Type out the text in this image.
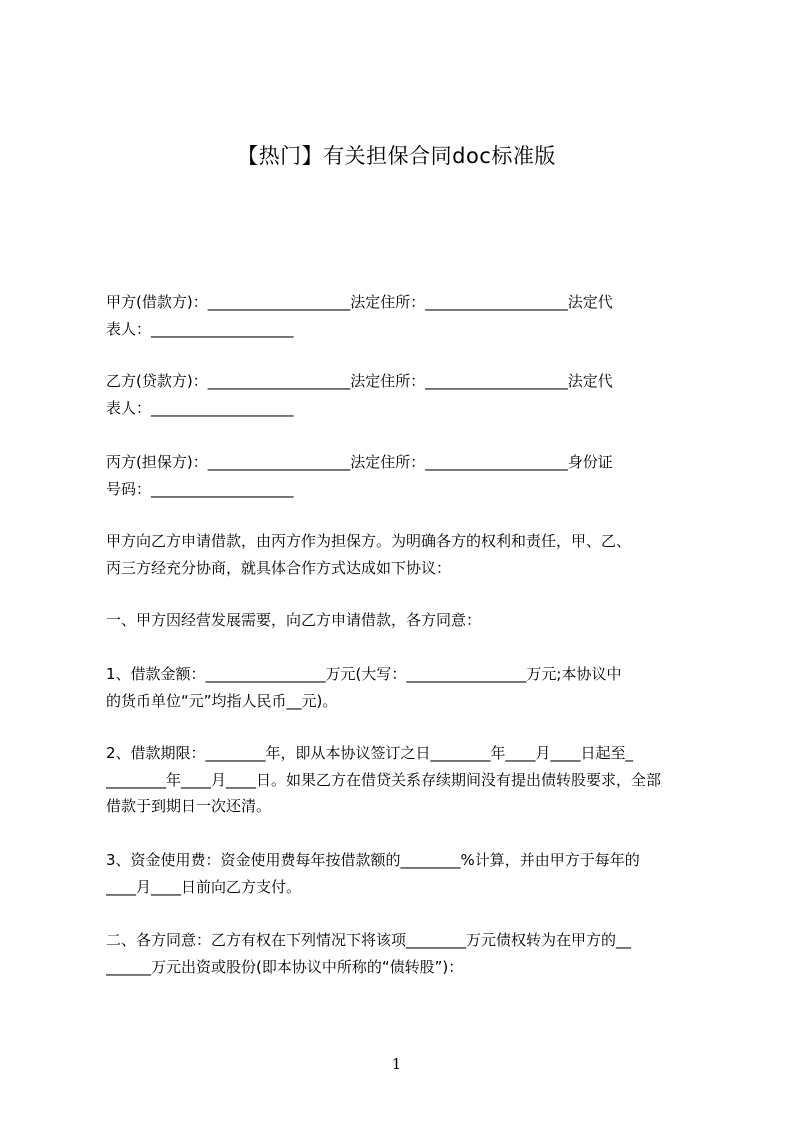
【热门】有关担保合同doc标准版
甲方(借款方)：___________________法定住所：___________________法定代
表人：___________________
乙方(贷款方)：___________________法定住所：___________________法定代
表人：___________________
丙方(担保方)：___________________法定住所：___________________身份证
号码：___________________
甲方向乙方申请借款，由丙方作为担保方。为明确各方的权利和责任，甲、乙、
丙三方经充分协商，就具体合作方式达成如下协议：
一、甲方因经营发展需要，向乙方申请借款，各方同意：
1、借款金额：________________万元(大写：________________万元;本协议中
的货币单位“元”均指人民币__元)。
2、借款期限：________年，即从本协议签订之日________年____月____日起至_
________年____月____日。如果乙方在借贷关系存续期间没有提出债转股要求，全部
借款于到期日一次还清。
3、资金使用费：资金使用费每年按借款额的________%计算，并由甲方于每年的
____月____日前向乙方支付。
二、各方同意：乙方有权在下列情况下将该项________万元债权转为在甲方的__
______万元出资或股份(即本协议中所称的“债转股”)：
1
